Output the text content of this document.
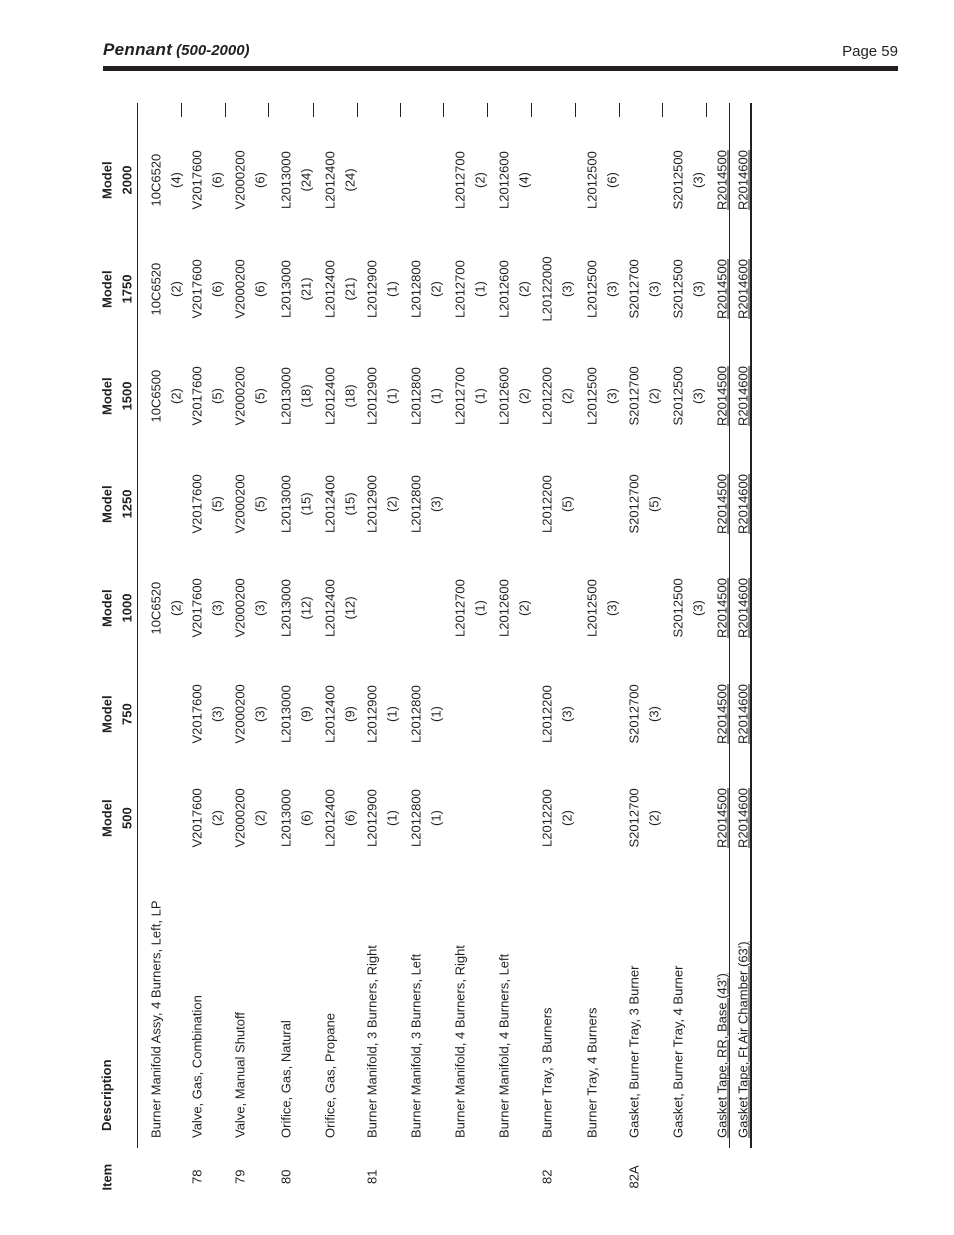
Pennant (500-2000)	Page 59
Item
Description
Model 500
Model 750
Model 1000
Model 1250
Model 1500
Model 1750
Model 2000
Burner Manifold Assy, 4 Burners, Left, LP
10C6520 (2)
10C6500 (2)
10C6520 (2)
10C6520 (4)
78
Valve, Gas, Combination
V2017600 (2)
V2017600 (3)
V2017600 (3)
V2017600 (5)
V2017600 (5)
V2017600 (6)
V2017600 (6)
79
Valve, Manual Shutoff
V2000200 (2)
V2000200 (3)
V2000200 (3)
V2000200 (5)
V2000200 (5)
V2000200 (6)
V2000200 (6)
80
Orifice, Gas, Natural
L2013000 (6)
L2013000 (9)
L2013000 (12)
L2013000 (15)
L2013000 (18)
L2013000 (21)
L2013000 (24)
Orifice, Gas, Propane
L2012400 (6)
L2012400 (9)
L2012400 (12)
L2012400 (15)
L2012400 (18)
L2012400 (21)
L2012400 (24)
81
Burner Manifold, 3 Burners, Right
L2012900 (1)
L2012900 (1)
L2012900 (2)
L2012900 (1)
L2012900 (1)
Burner Manifold, 3 Burners, Left
L2012800 (1)
L2012800 (1)
L2012800 (3)
L2012800 (1)
L2012800 (2)
Burner Manifold, 4 Burners, Right
L2012700 (1)
L2012700 (1)
L2012700 (1)
L2012700 (2)
Burner Manifold, 4 Burners, Left
L2012600 (2)
L2012600 (2)
L2012600 (2)
L2012600 (4)
82
Burner Tray, 3 Burners
L2012200 (2)
L2012200 (3)
L2012200 (5)
L2012200 (2)
L20122000 (3)
Burner Tray, 4 Burners
L2012500 (3)
L2012500 (3)
L2012500 (3)
L2012500 (6)
82A
Gasket, Burner Tray, 3 Burner
S2012700 (2)
S2012700 (3)
S2012700 (5)
S2012700 (2)
S2012700 (3)
Gasket, Burner Tray, 4 Burner
S2012500 (3)
S2012500 (3)
S2012500 (3)
S2012500 (3)
Gasket Tape, RR, Base (43')
R2014500
R2014500
R2014500
R2014500
R2014500
R2014500
R2014500
Gasket Tape, Ft Air Chamber (63')
R2014600
R2014600
R2014600
R2014600
R2014600
R2014600
R2014600
